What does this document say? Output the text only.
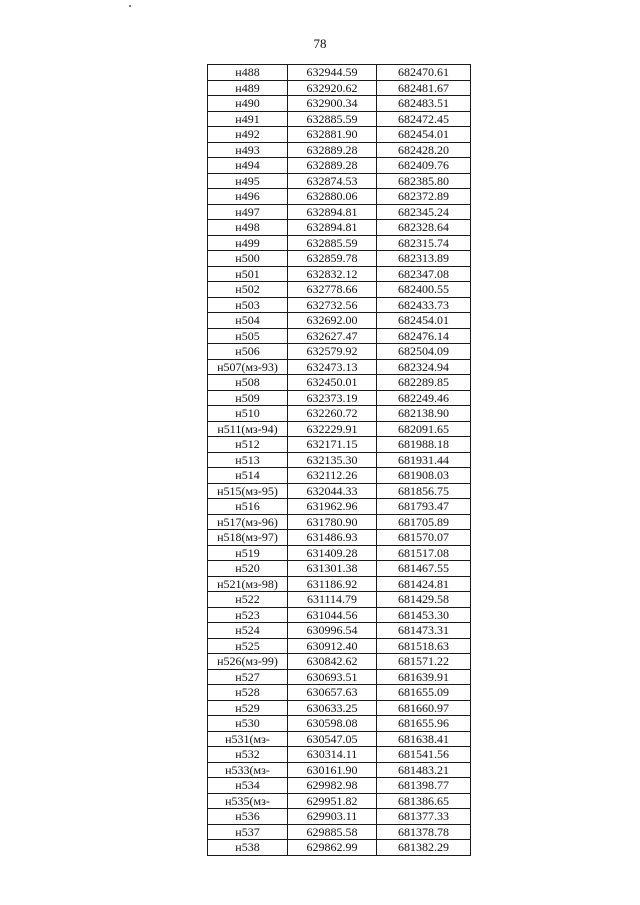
78
н488	632944.59	682470.61
н489	632920.62	682481.67
н490	632900.34	682483.51
н491	632885.59	682472.45
н492	632881.90	682454.01
н493	632889.28	682428.20
н494	632889.28	682409.76
н495	632874.53	682385.80
н496	632880.06	682372.89
н497	632894.81	682345.24
н498	632894.81	682328.64
н499	632885.59	682315.74
н500	632859.78	682313.89
н501	632832.12	682347.08
н502	632778.66	682400.55
н503	632732.56	682433.73
н504	632692.00	682454.01
н505	632627.47	682476.14
н506	632579.92	682504.09
н507(мз-93)	632473.13	682324.94
н508	632450.01	682289.85
н509	632373.19	682249.46
н510	632260.72	682138.90
н511(мз-94)	632229.91	682091.65
н512	632171.15	681988.18
н513	632135.30	681931.44
н514	632112.26	681908.03
н515(мз-95)	632044.33	681856.75
н516	631962.96	681793.47
н517(мз-96)	631780.90	681705.89
н518(мз-97)	631486.93	681570.07
н519	631409.28	681517.08
н520	631301.38	681467.55
н521(мз-98)	631186.92	681424.81
н522	631114.79	681429.58
н523	631044.56	681453.30
н524	630996.54	681473.31
н525	630912.40	681518.63
н526(мз-99)	630842.62	681571.22
н527	630693.51	681639.91
н528	630657.63	681655.09
н529	630633.25	681660.97
н530	630598.08	681655.96
н531(мз-	630547.05	681638.41
н532	630314.11	681541.56
н533(мз-	630161.90	681483.21
н534	629982.98	681398.77
н535(мз-	629951.82	681386.65
н536	629903.11	681377.33
н537	629885.58	681378.78
н538	629862.99	681382.29
